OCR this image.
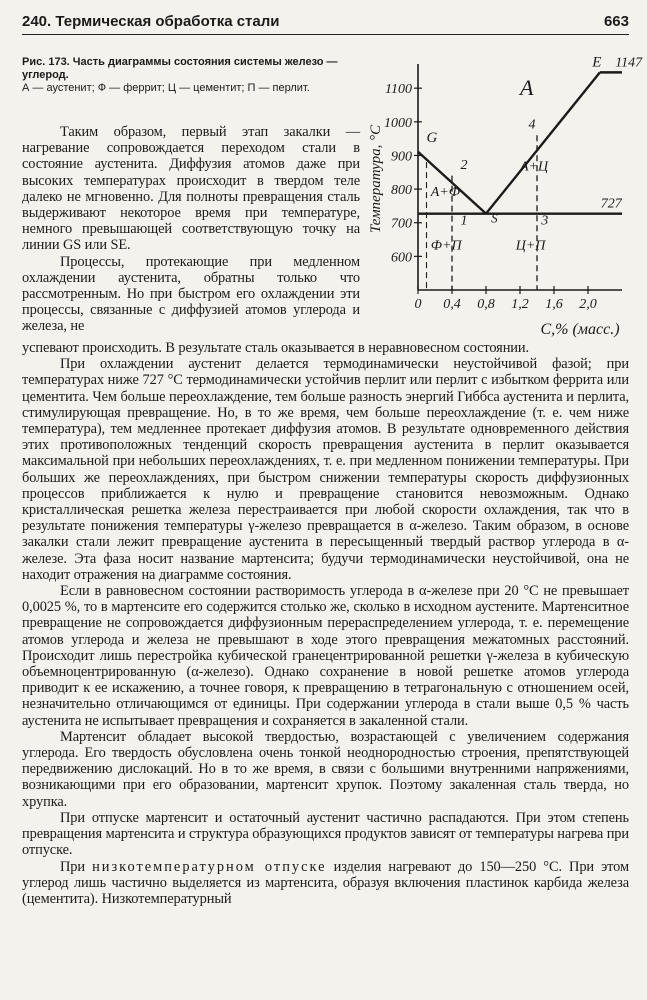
240. Термическая обработка стали	663

Рис. 173. Часть диаграммы состояния системы железо — углерод.

А — аустенит; Ф — феррит; Ц — цементит; П — перлит.

600
700
800
900
1000
1100
0 0,4 0,8 1,2 1,6 2,0
С,% (масс.)
Температура, °С	G
S
E
A
A+Ф
А+Ц
Ф+П	Ц+П
1147
727
1
2
3
4

Таким образом, первый этап закалки — нагревание сопровождается переходом стали в состояние аустенита. Диффузия атомов даже при высоких температурах происходит в твердом теле далеко не мгновенно. Для полноты превращения сталь выдерживают некоторое время при температуре, немного превышающей соответствующую точку на линии GS или SE.

Процессы, протекающие при медленном охлаждении аустенита, обратны только что рассмотренным. Но при быстром его охлаждении эти процессы, связанные с диффузией атомов углерода и железа, не

успевают происходить. В результате сталь оказывается в неравновесном состоянии.

При охлаждении аустенит делается термодинамически неустойчивой фазой; при температурах ниже 727 °С термодинамически устойчив перлит или перлит с избытком феррита или цементита. Чем больше переохлаждение, тем больше разность энергий Гиббса аустенита и перлита, стимулирующая превращение. Но, в то же время, чем больше переохлаждение (т. е. чем ниже температура), тем медленнее протекает диффузия атомов. В результате одновременного действия этих противоположных тенденций скорость превращения аустенита в перлит оказывается максимальной при небольших переохлаждениях, т. е. при медленном понижении температуры. При больших же переохлаждениях, при быстром снижении температуры скорость диффузионных процессов приближается к нулю и превращение становится невозможным. Однако кристаллическая решетка железа перестраивается при любой скорости охлаждения, так что в результате понижения температуры γ-железо превращается в α-железо. Таким образом, в основе закалки стали лежит превращение аустенита в пересыщенный твердый раствор углерода в α-железе. Эта фаза носит название мартенсита; будучи термодинамически неустойчивой, она не находит отражения на диаграмме состояния.

Если в равновесном состоянии растворимость углерода в α-железе при 20 °С не превышает 0,0025 %, то в мартенсите его содержится столько же, сколько в исходном аустените. Мартенситное превращение не сопровождается диффузионным перераспределением углерода, т. е. перемещение атомов углерода и железа не превышают в ходе этого превращения межатомных расстояний. Происходит лишь перестройка кубической гранецентрированной решетки γ-железа в кубическую объемноцентрированную (α-железо). Однако сохранение в новой решетке атомов углерода приводит к ее искажению, а точнее говоря, к превращению в тетрагональную с отношением осей, незначительно отличающимся от единицы. При содержании углерода в стали выше 0,5 % часть аустенита не испытывает превращения и сохраняется в закаленной стали.

Мартенсит обладает высокой твердостью, возрастающей с увеличением содержания углерода. Его твердость обусловлена очень тонкой неоднородностью строения, препятствующей передвижению дислокаций. Но в то же время, в связи с большими внутренними напряжениями, возникающими при его образовании, мартенсит хрупок. Поэтому закаленная сталь тверда, но хрупка.

При отпуске мартенсит и остаточный аустенит частично распадаются. При этом степень превращения мартенсита и структура образующихся продуктов зависят от температуры нагрева при отпуске.

При низкотемпературном отпуске изделия нагревают до 150—250 °С. При этом углерод лишь частично выделяется из мартенсита, образуя включения пластинок карбида железа (цементита). Низкотемпературный
